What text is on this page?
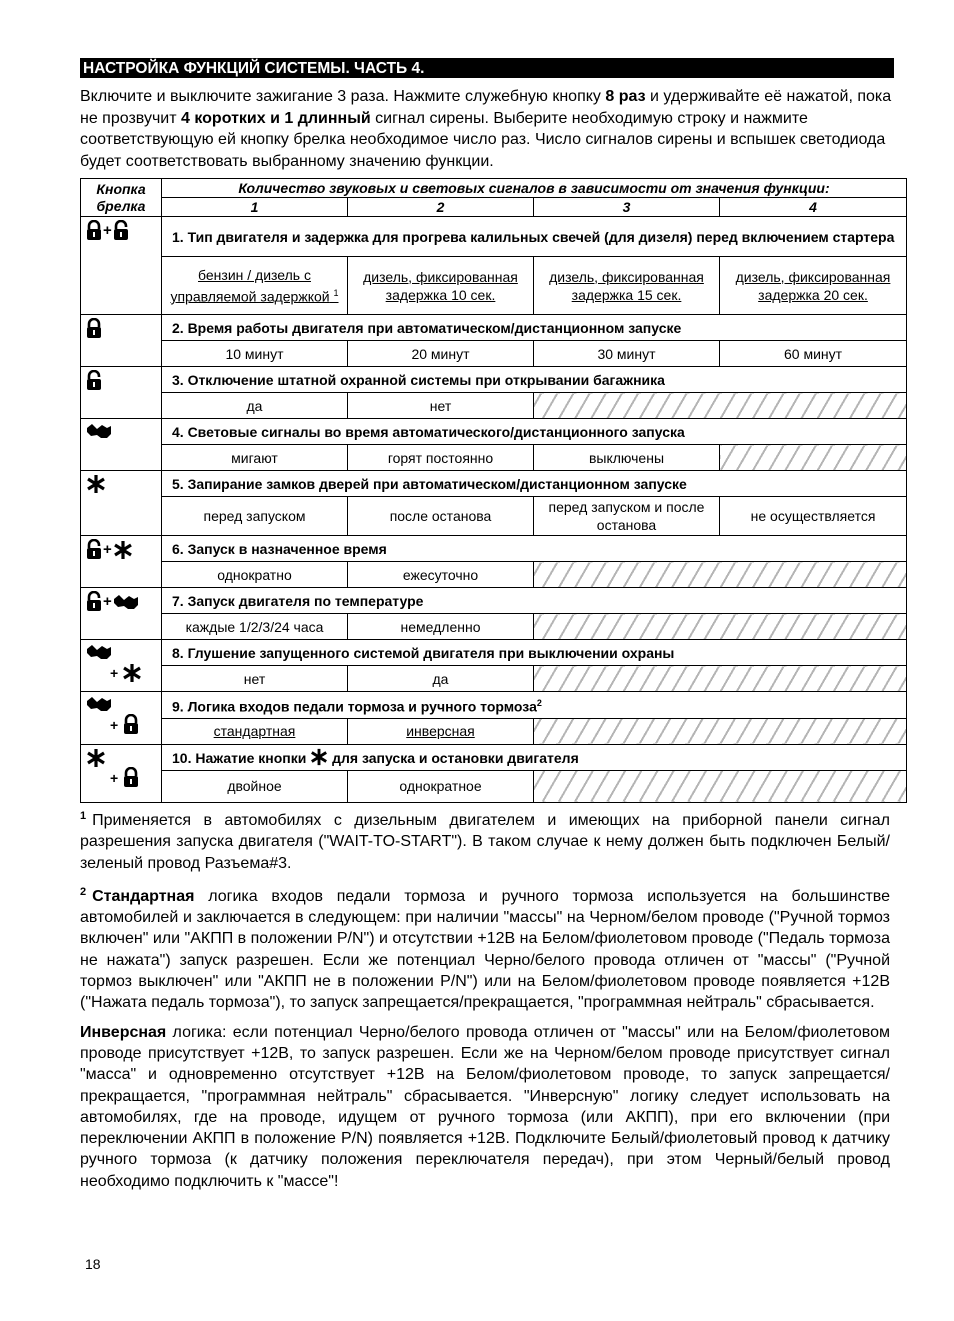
НАСТРОЙКА ФУНКЦИЙ СИСТЕМЫ. ЧАСТЬ 4.
Включите и выключите зажигание 3 раза. Нажмите служебную кнопку 8 раз и удерживайте её нажатой, пока не прозвучит 4 коротких и 1 длинный сигнал сирены. Выберите необходимую строку и нажмите соответствующую ей кнопку брелка необходимое число раз. Число сигналов сирены и вспышек светодиода будет соответствовать выбранному значению функции.
Кнопка
брелка	Количество звуковых и световых сигналов в зависимости от значения функции:			
	1	2	3	4

+	1. Тип двигателя и задержка для прогрева калильных свечей (для дизеля) перед включением стартера			
	бензин / дизель с управляемой задержкой $^1$	дизель, фиксированная задержка 10 сек.	дизель, фиксированная задержка 15 сек.	дизель, фиксированная задержка 20 сек.

	2. Время работы двигателя при автоматическом/дистанционном запуске			
	10 минут	20 минут	30 минут	60 минут

	3. Отключение штатной охранной системы при открывании багажника			
	да	нет		

	4. Световые сигналы во время автоматического/дистанционного запуска			
	мигают	горят постоянно	выключены	

	5. Запирание замков дверей при автоматическом/дистанционном запуске			
	перед запуском	после останова	перед запуском и после останова	не осуществляется

+	6. Запуск в назначенное время			
	однократно	ежесуточно		

+	7. Запуск двигателя по температуре			
	каждые 1/2/3/24 часа	немедленно		

+	8. Глушение запущенного системой двигателя при выключении охраны			
	нет	да		

+	9. Логика входов педали тормоза и ручного тормоза$^2$
	стандартная	инверсная		

+	10. Нажатие кнопки для запуска и остановки двигателя			
	двойное	однократное		

$^1$ Применяется в автомобилях с дизельным двигателем и имеющих на приборной панели сигнал разрешения запуска двигателя ("WAIT-TO-START"). В таком случае к нему должен быть подключен Белый/зеленый провод Разъема#3.

$^2$ Стандартная логика входов педали тормоза и ручного тормоза используется на большинстве автомобилей и заключается в следующем: при наличии "массы" на Черном/белом проводе ("Ручной тормоз включен" или "АКПП в положении P/N") и отсутствии +12В на Белом/фиолетовом проводе ("Педаль тормоза не нажата") запуск разрешен. Если же потенциал Черно/белого провода отличен от "массы" ("Ручной тормоз выключен" или "АКПП не в положении P/N") или на Белом/фиолетовом проводе появляется +12В ("Нажата педаль тормоза"), то запуск запрещается/прекращается, "программная нейтраль" сбрасывается.

Инверсная логика: если потенциал Черно/белого провода отличен от "массы" или на Белом/фиолетовом проводе присутствует +12В, то запуск разрешен. Если же на Черном/белом проводе присутствует сигнал "масса" и одновременно отсутствует +12В на Белом/фиолетовом проводе, то запуск запрещается/прекращается, "программная нейтраль" сбрасывается. "Инверсную" логику следует использовать на автомобилях, где на проводе, идущем от ручного тормоза (или АКПП), при его включении (при переключении АКПП в положение P/N) появляется +12В. Подключите Белый/фиолетовый провод к датчику ручного тормоза (к датчику положения переключателя передач), при этом Черный/белый провод необходимо подключить к "массе"!

18
